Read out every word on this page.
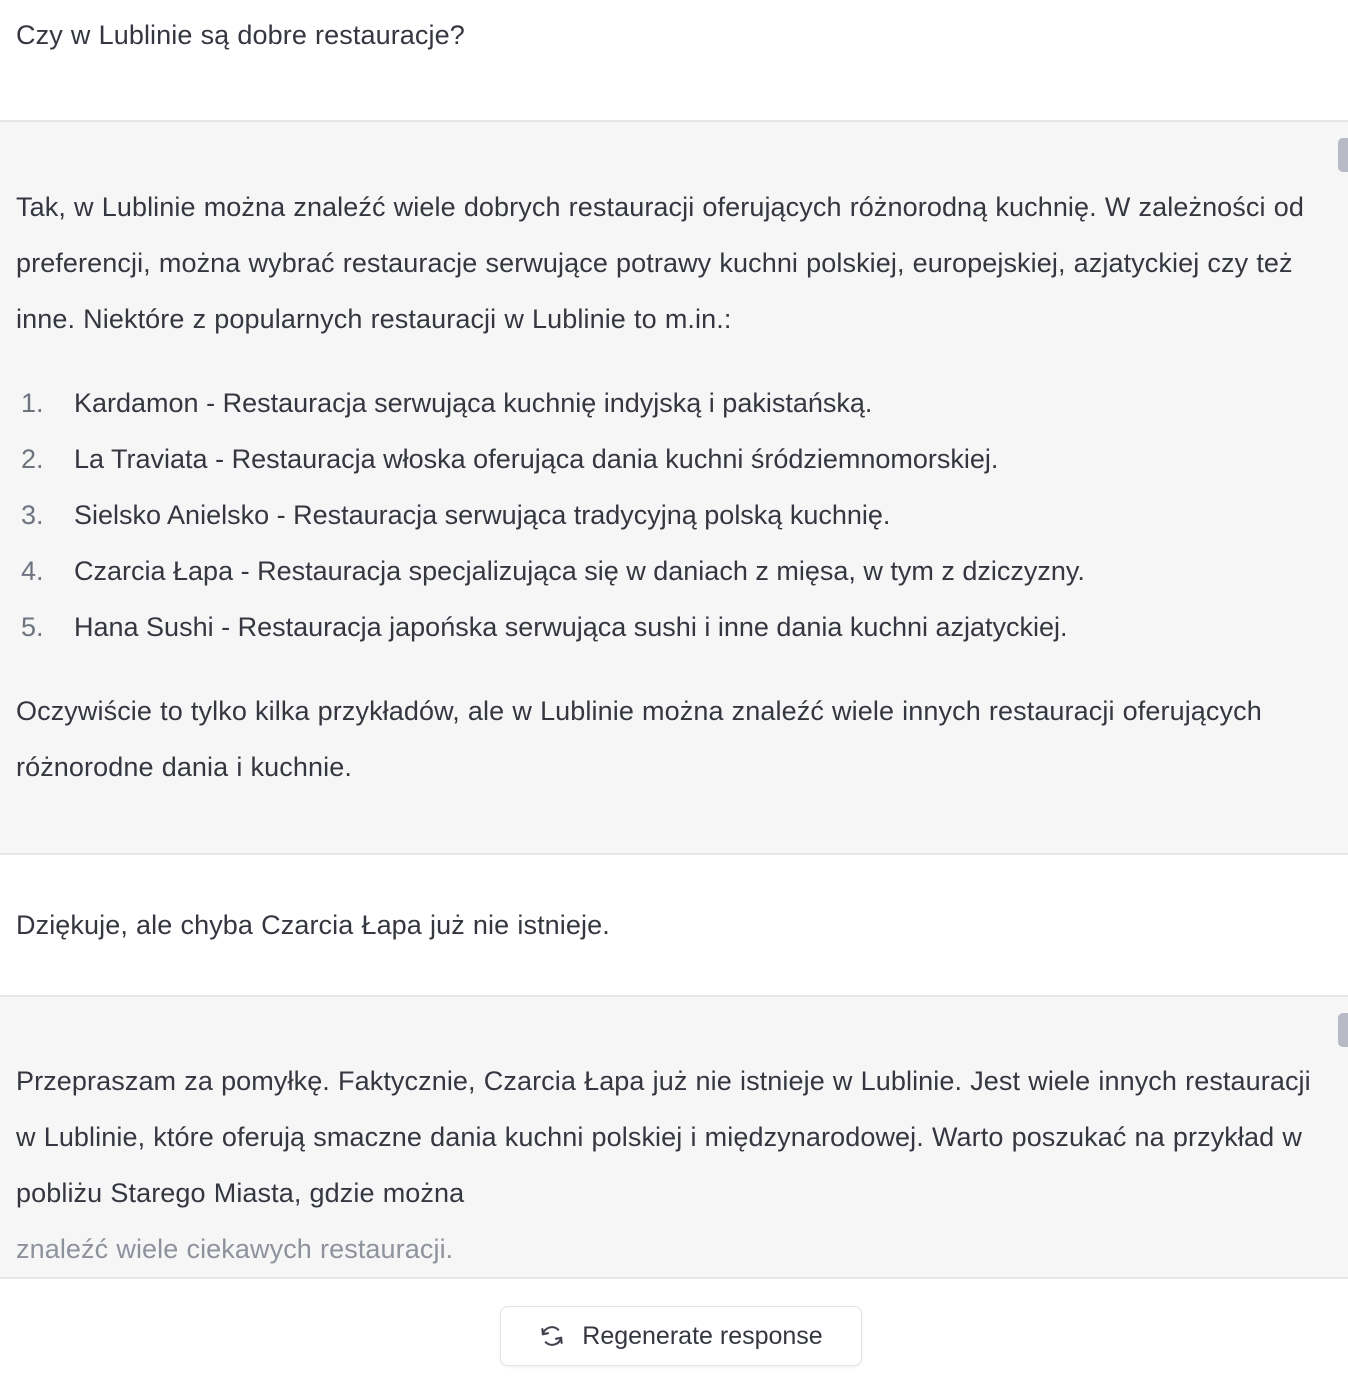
Czy w Lublinie są dobre restauracje?

Tak, w Lublinie można znaleźć wiele dobrych restauracji oferujących różnorodną kuchnię. W zależności od preferencji, można wybrać restauracje serwujące potrawy kuchni polskiej, europejskiej, azjatyckiej czy też inne. Niektóre z popularnych restauracji w Lublinie to m.in.:

Kardamon - Restauracja serwująca kuchnię indyjską i pakistańską.
La Traviata - Restauracja włoska oferująca dania kuchni śródziemnomorskiej.
Sielsko Anielsko - Restauracja serwująca tradycyjną polską kuchnię.
Czarcia Łapa - Restauracja specjalizująca się w daniach z mięsa, w tym z dziczyzny.
Hana Sushi - Restauracja japońska serwująca sushi i inne dania kuchni azjatyckiej.

Oczywiście to tylko kilka przykładów, ale w Lublinie można znaleźć wiele innych restauracji oferujących różnorodne dania i kuchnie.

Dziękuje, ale chyba Czarcia Łapa już nie istnieje.

Przepraszam za pomyłkę. Faktycznie, Czarcia Łapa już nie istnieje w Lublinie. Jest wiele innych restauracji w Lublinie, które oferują smaczne dania kuchni polskiej i międzynarodowej. Warto poszukać na przykład w pobliżu Starego Miasta, gdzie można

znaleźć wiele ciekawych restauracji.

Regenerate response
